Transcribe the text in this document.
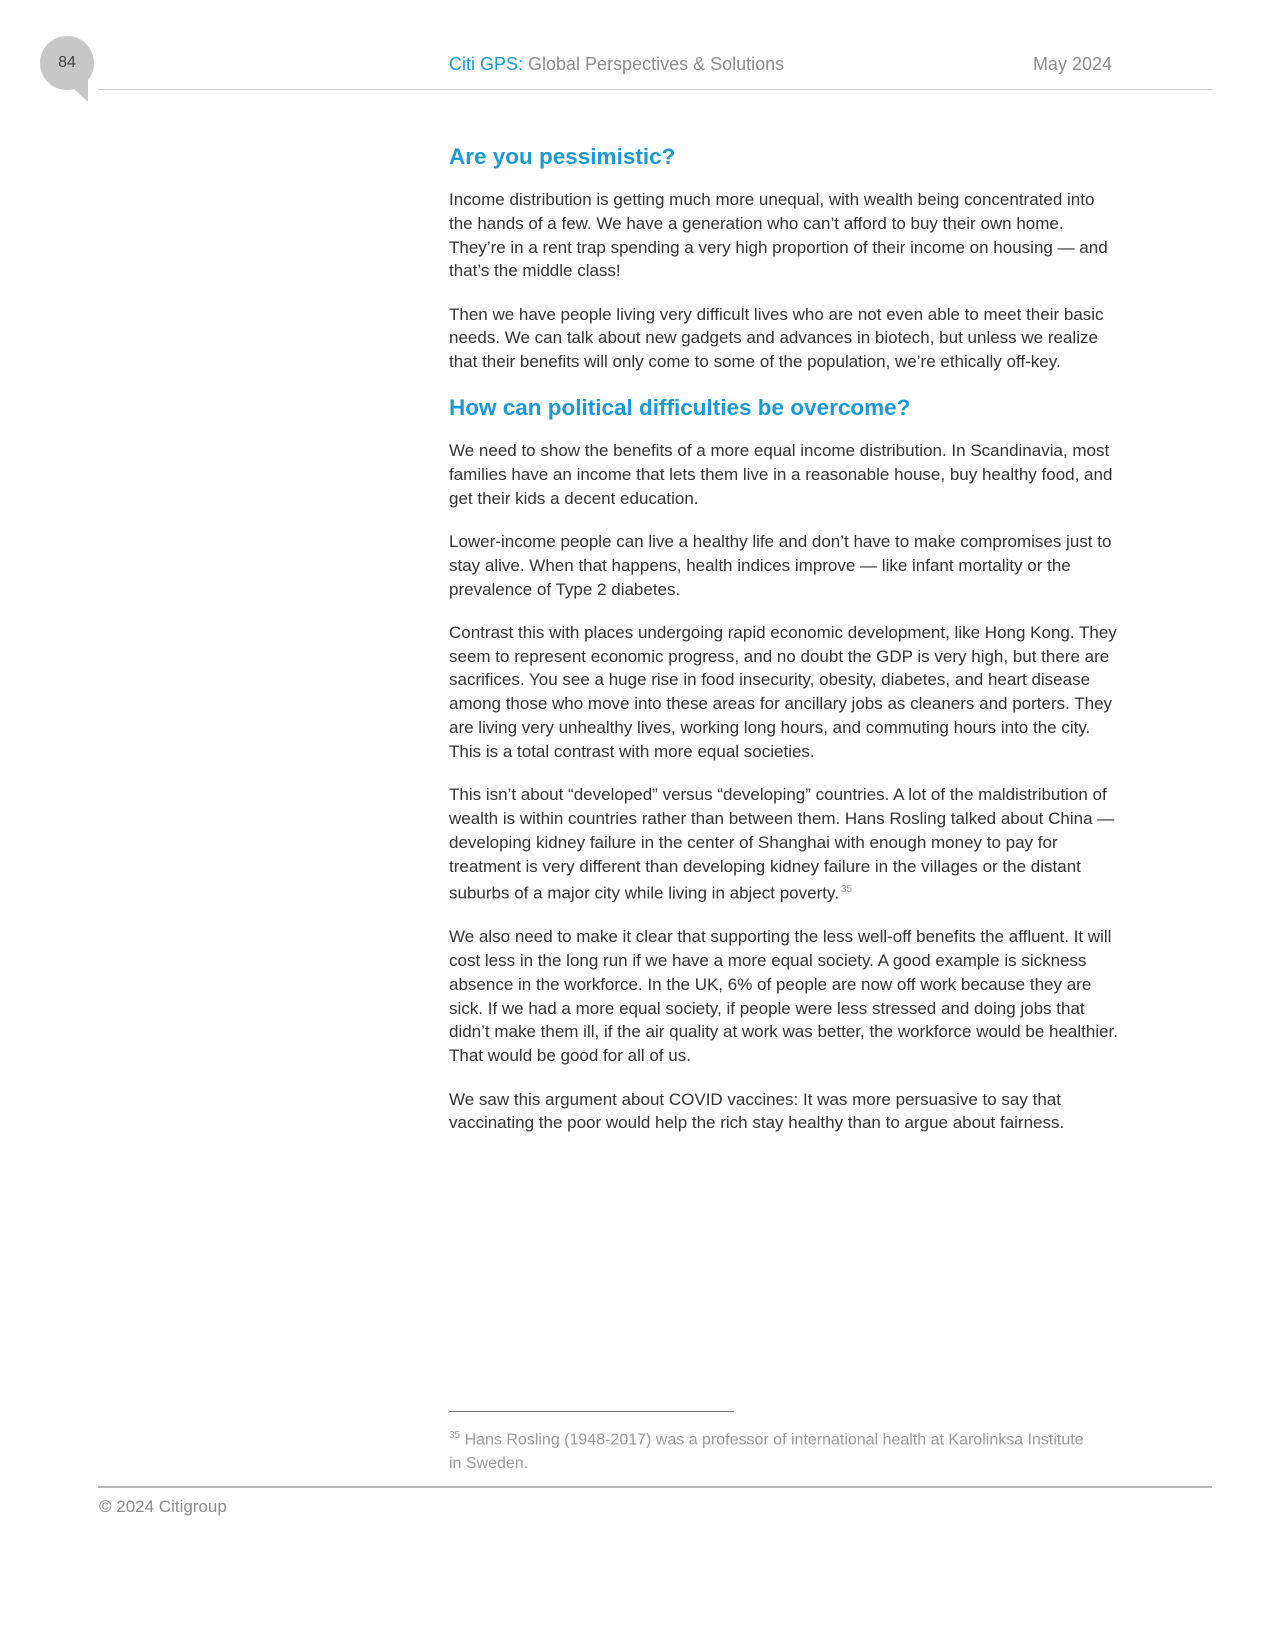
84	Citi GPS: Global Perspectives & Solutions	May 2024
Are you pessimistic?

Income distribution is getting much more unequal, with wealth being concentrated into the hands of a few. We have a generation who can’t afford to buy their own home. They’re in a rent trap spending a very high proportion of their income on housing — and that’s the middle class!

Then we have people living very difficult lives who are not even able to meet their basic needs. We can talk about new gadgets and advances in biotech, but unless we realize that their benefits will only come to some of the population, we’re ethically off-key.

How can political difficulties be overcome?

We need to show the benefits of a more equal income distribution. In Scandinavia, most families have an income that lets them live in a reasonable house, buy healthy food, and get their kids a decent education.

Lower-income people can live a healthy life and don’t have to make compromises just to stay alive. When that happens, health indices improve — like infant mortality or the prevalence of Type 2 diabetes.

Contrast this with places undergoing rapid economic development, like Hong Kong. They seem to represent economic progress, and no doubt the GDP is very high, but there are sacrifices. You see a huge rise in food insecurity, obesity, diabetes, and heart disease among those who move into these areas for ancillary jobs as cleaners and porters. They are living very unhealthy lives, working long hours, and commuting hours into the city. This is a total contrast with more equal societies.

This isn’t about “developed” versus “developing” countries. A lot of the maldistribution of wealth is within countries rather than between them. Hans Rosling talked about China — developing kidney failure in the center of Shanghai with enough money to pay for treatment is very different than developing kidney failure in the villages or the distant suburbs of a major city while living in abject poverty. $^{35}$

We also need to make it clear that supporting the less well-off benefits the affluent. It will cost less in the long run if we have a more equal society. A good example is sickness absence in the workforce. In the UK, 6% of people are now off work because they are sick. If we had a more equal society, if people were less stressed and doing jobs that didn’t make them ill, if the air quality at work was better, the workforce would be healthier. That would be good for all of us.

We saw this argument about COVID vaccines: It was more persuasive to say that vaccinating the poor would help the rich stay healthy than to argue about fairness.

$^{35}$ Hans Rosling (1948-2017) was a professor of international health at Karolinksa Institute in Sweden.
© 2024 Citigroup
